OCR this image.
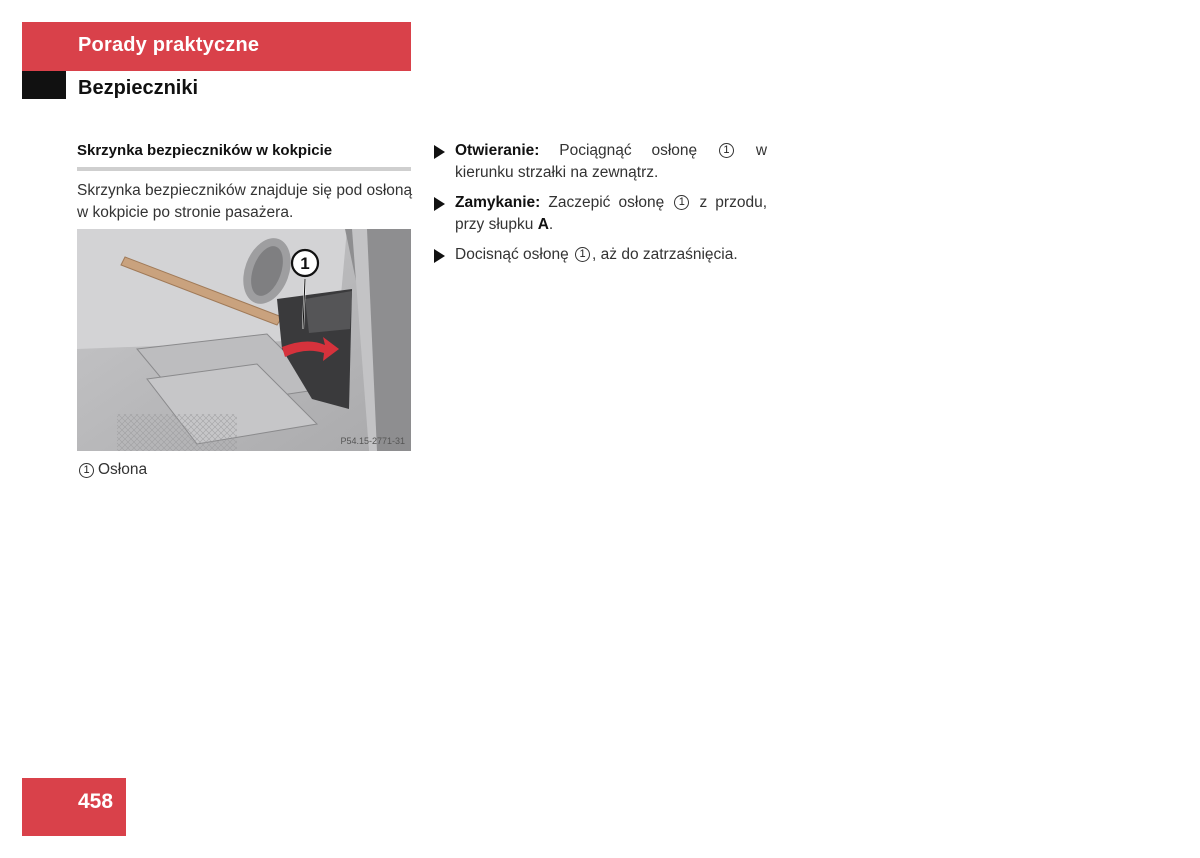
Porady praktyczne
Bezpieczniki
Skrzynka bezpieczników w kokpicie
Skrzynka bezpieczników znajduje się pod osłoną w kokpicie po stronie pasażera.
1
P54.15-2771-31
1 Osłona
Otwieranie: Pociągnąć osłonę 1 w kierunku strzałki na zewnątrz.
Zamykanie: Zaczepić osłonę 1 z przodu, przy słupku A.
Docisnąć osłonę 1 , aż do zatrzaśnięcia.
458
